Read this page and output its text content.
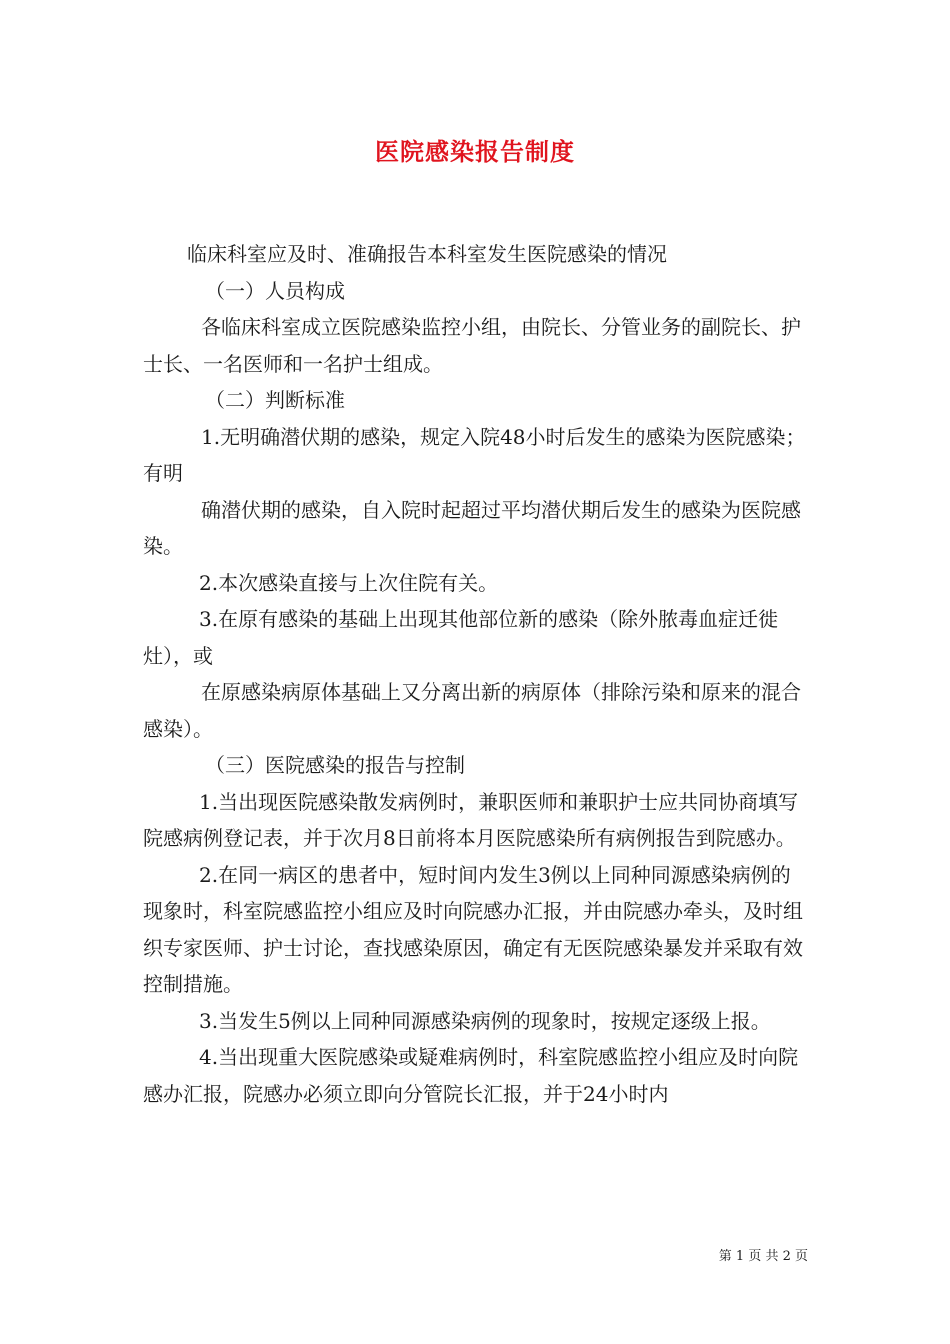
医院感染报告制度

临床科室应及时、准确报告本科室发生医院感染的情况

（一）人员构成

各临床科室成立医院感染监控小组，由院长、分管业务的副院长、护士长、一名医师和一名护士组成。

（二）判断标准

1.无明确潜伏期的感染，规定入院48小时后发生的感染为医院感染；有明

确潜伏期的感染，自入院时起超过平均潜伏期后发生的感染为医院感染。

2.本次感染直接与上次住院有关。

3.在原有感染的基础上出现其他部位新的感染（除外脓毒血症迁徙灶），或

在原感染病原体基础上又分离出新的病原体（排除污染和原来的混合感染）。

（三）医院感染的报告与控制

1.当出现医院感染散发病例时，兼职医师和兼职护士应共同协商填写院感病例登记表，并于次月8日前将本月医院感染所有病例报告到院感办。

2.在同一病区的患者中，短时间内发生3例以上同种同源感染病例的现象时，科室院感监控小组应及时向院感办汇报，并由院感办牵头，及时组织专家医师、护士讨论，查找感染原因，确定有无医院感染暴发并采取有效控制措施。

3.当发生5例以上同种同源感染病例的现象时，按规定逐级上报。

4.当出现重大医院感染或疑难病例时，科室院感监控小组应及时向院感办汇报，院感办必须立即向分管院长汇报，并于24小时内

第 1 页 共 2 页
